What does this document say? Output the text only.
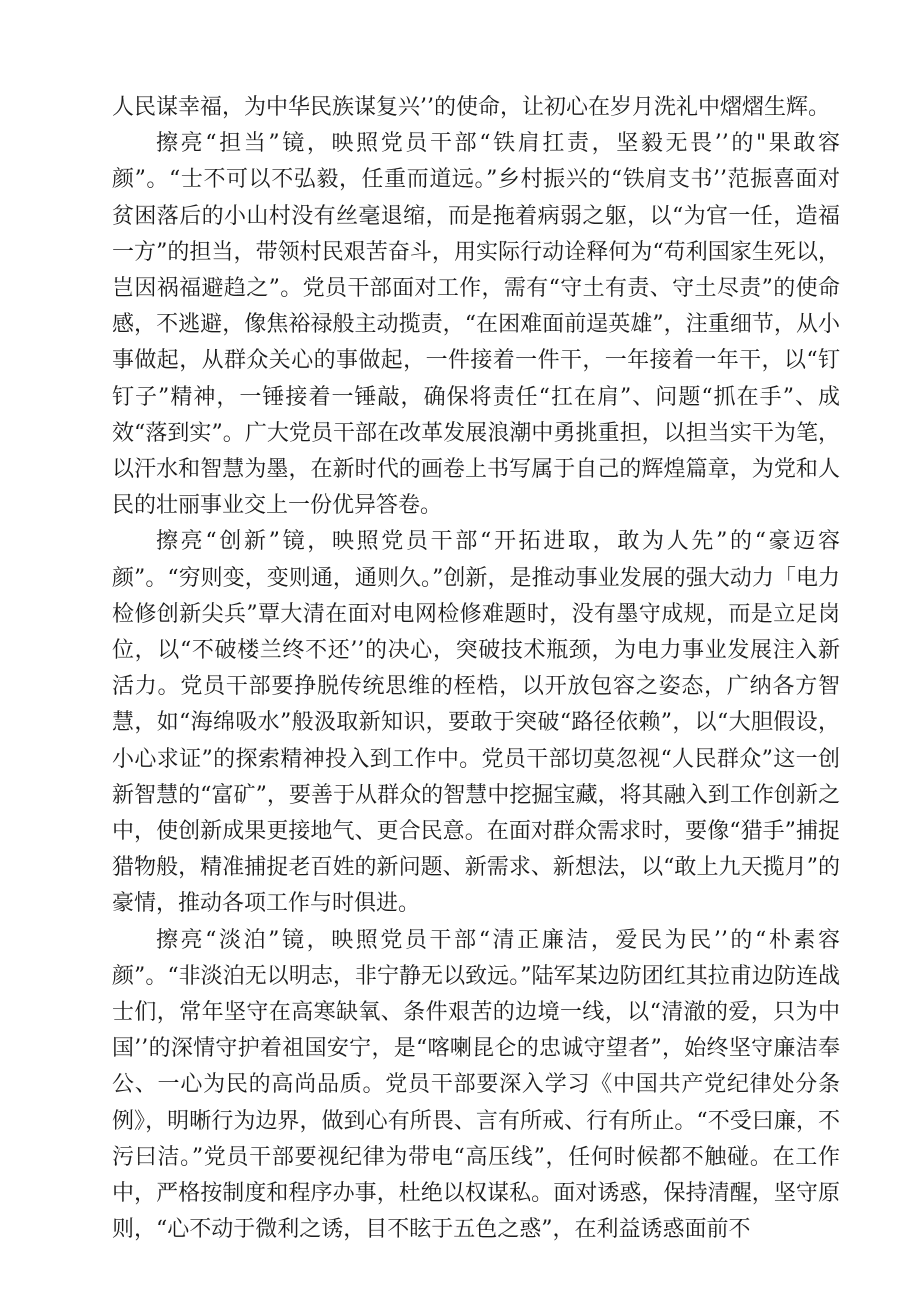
人民谋幸福，为中华民族谋复兴’’的使命，让初心在岁月洗礼中熠熠生辉。

擦亮“担当”镜，映照党员干部“铁肩扛责，坚毅无畏’’的"果敢容颜”。“士不可以不弘毅，任重而道远。”乡村振兴的“铁肩支书’’范振喜面对贫困落后的小山村没有丝毫退缩，而是拖着病弱之躯，以“为官一任，造福一方”的担当，带领村民艰苦奋斗，用实际行动诠释何为“苟利国家生死以，岂因祸福避趋之”。党员干部面对工作，需有“守土有责、守土尽责”的使命感，不逃避，像焦裕禄般主动揽责，“在困难面前逞英雄”，注重细节，从小事做起，从群众关心的事做起，一件接着一件干，一年接着一年干，以“钉钉子”精神，一锤接着一锤敲，确保将责任“扛在肩”、问题“抓在手”、成效“落到实”。广大党员干部在改革发展浪潮中勇挑重担，以担当实干为笔，以汗水和智慧为墨，在新时代的画卷上书写属于自己的辉煌篇章，为党和人民的壮丽事业交上一份优异答卷。

擦亮“创新”镜，映照党员干部“开拓进取，敢为人先”的“豪迈容颜”。“穷则变，变则通，通则久。”创新，是推动事业发展的强大动力「电力检修创新尖兵”覃大清在面对电网检修难题时，没有墨守成规，而是立足岗位，以“不破楼兰终不还’’的决心，突破技术瓶颈，为电力事业发展注入新活力。党员干部要挣脱传统思维的桎梏，以开放包容之姿态，广纳各方智慧，如“海绵吸水”般汲取新知识，要敢于突破“路径依赖”，以“大胆假设，小心求证”的探索精神投入到工作中。党员干部切莫忽视“人民群众”这一创新智慧的“富矿”，要善于从群众的智慧中挖掘宝藏，将其融入到工作创新之中，使创新成果更接地气、更合民意。在面对群众需求时，要像“猎手”捕捉猎物般，精准捕捉老百姓的新问题、新需求、新想法，以“敢上九天揽月”的豪情，推动各项工作与时俱进。

擦亮“淡泊”镜，映照党员干部“清正廉洁，爱民为民’’的“朴素容颜”。“非淡泊无以明志，非宁静无以致远。”陆军某边防团红其拉甫边防连战士们，常年坚守在高寒缺氧、条件艰苦的边境一线，以“清澈的爱，只为中国’’的深情守护着祖国安宁，是“喀喇昆仑的忠诚守望者”，始终坚守廉洁奉公、一心为民的高尚品质。党员干部要深入学习《中国共产党纪律处分条例》，明晰行为边界，做到心有所畏、言有所戒、行有所止。“不受曰廉，不污曰洁。”党员干部要视纪律为带电“高压线”，任何时候都不触碰。在工作中，严格按制度和程序办事，杜绝以权谋私。面对诱惑，保持清醒，坚守原则，“心不动于微利之诱，目不眩于五色之惑”，在利益诱惑面前不
